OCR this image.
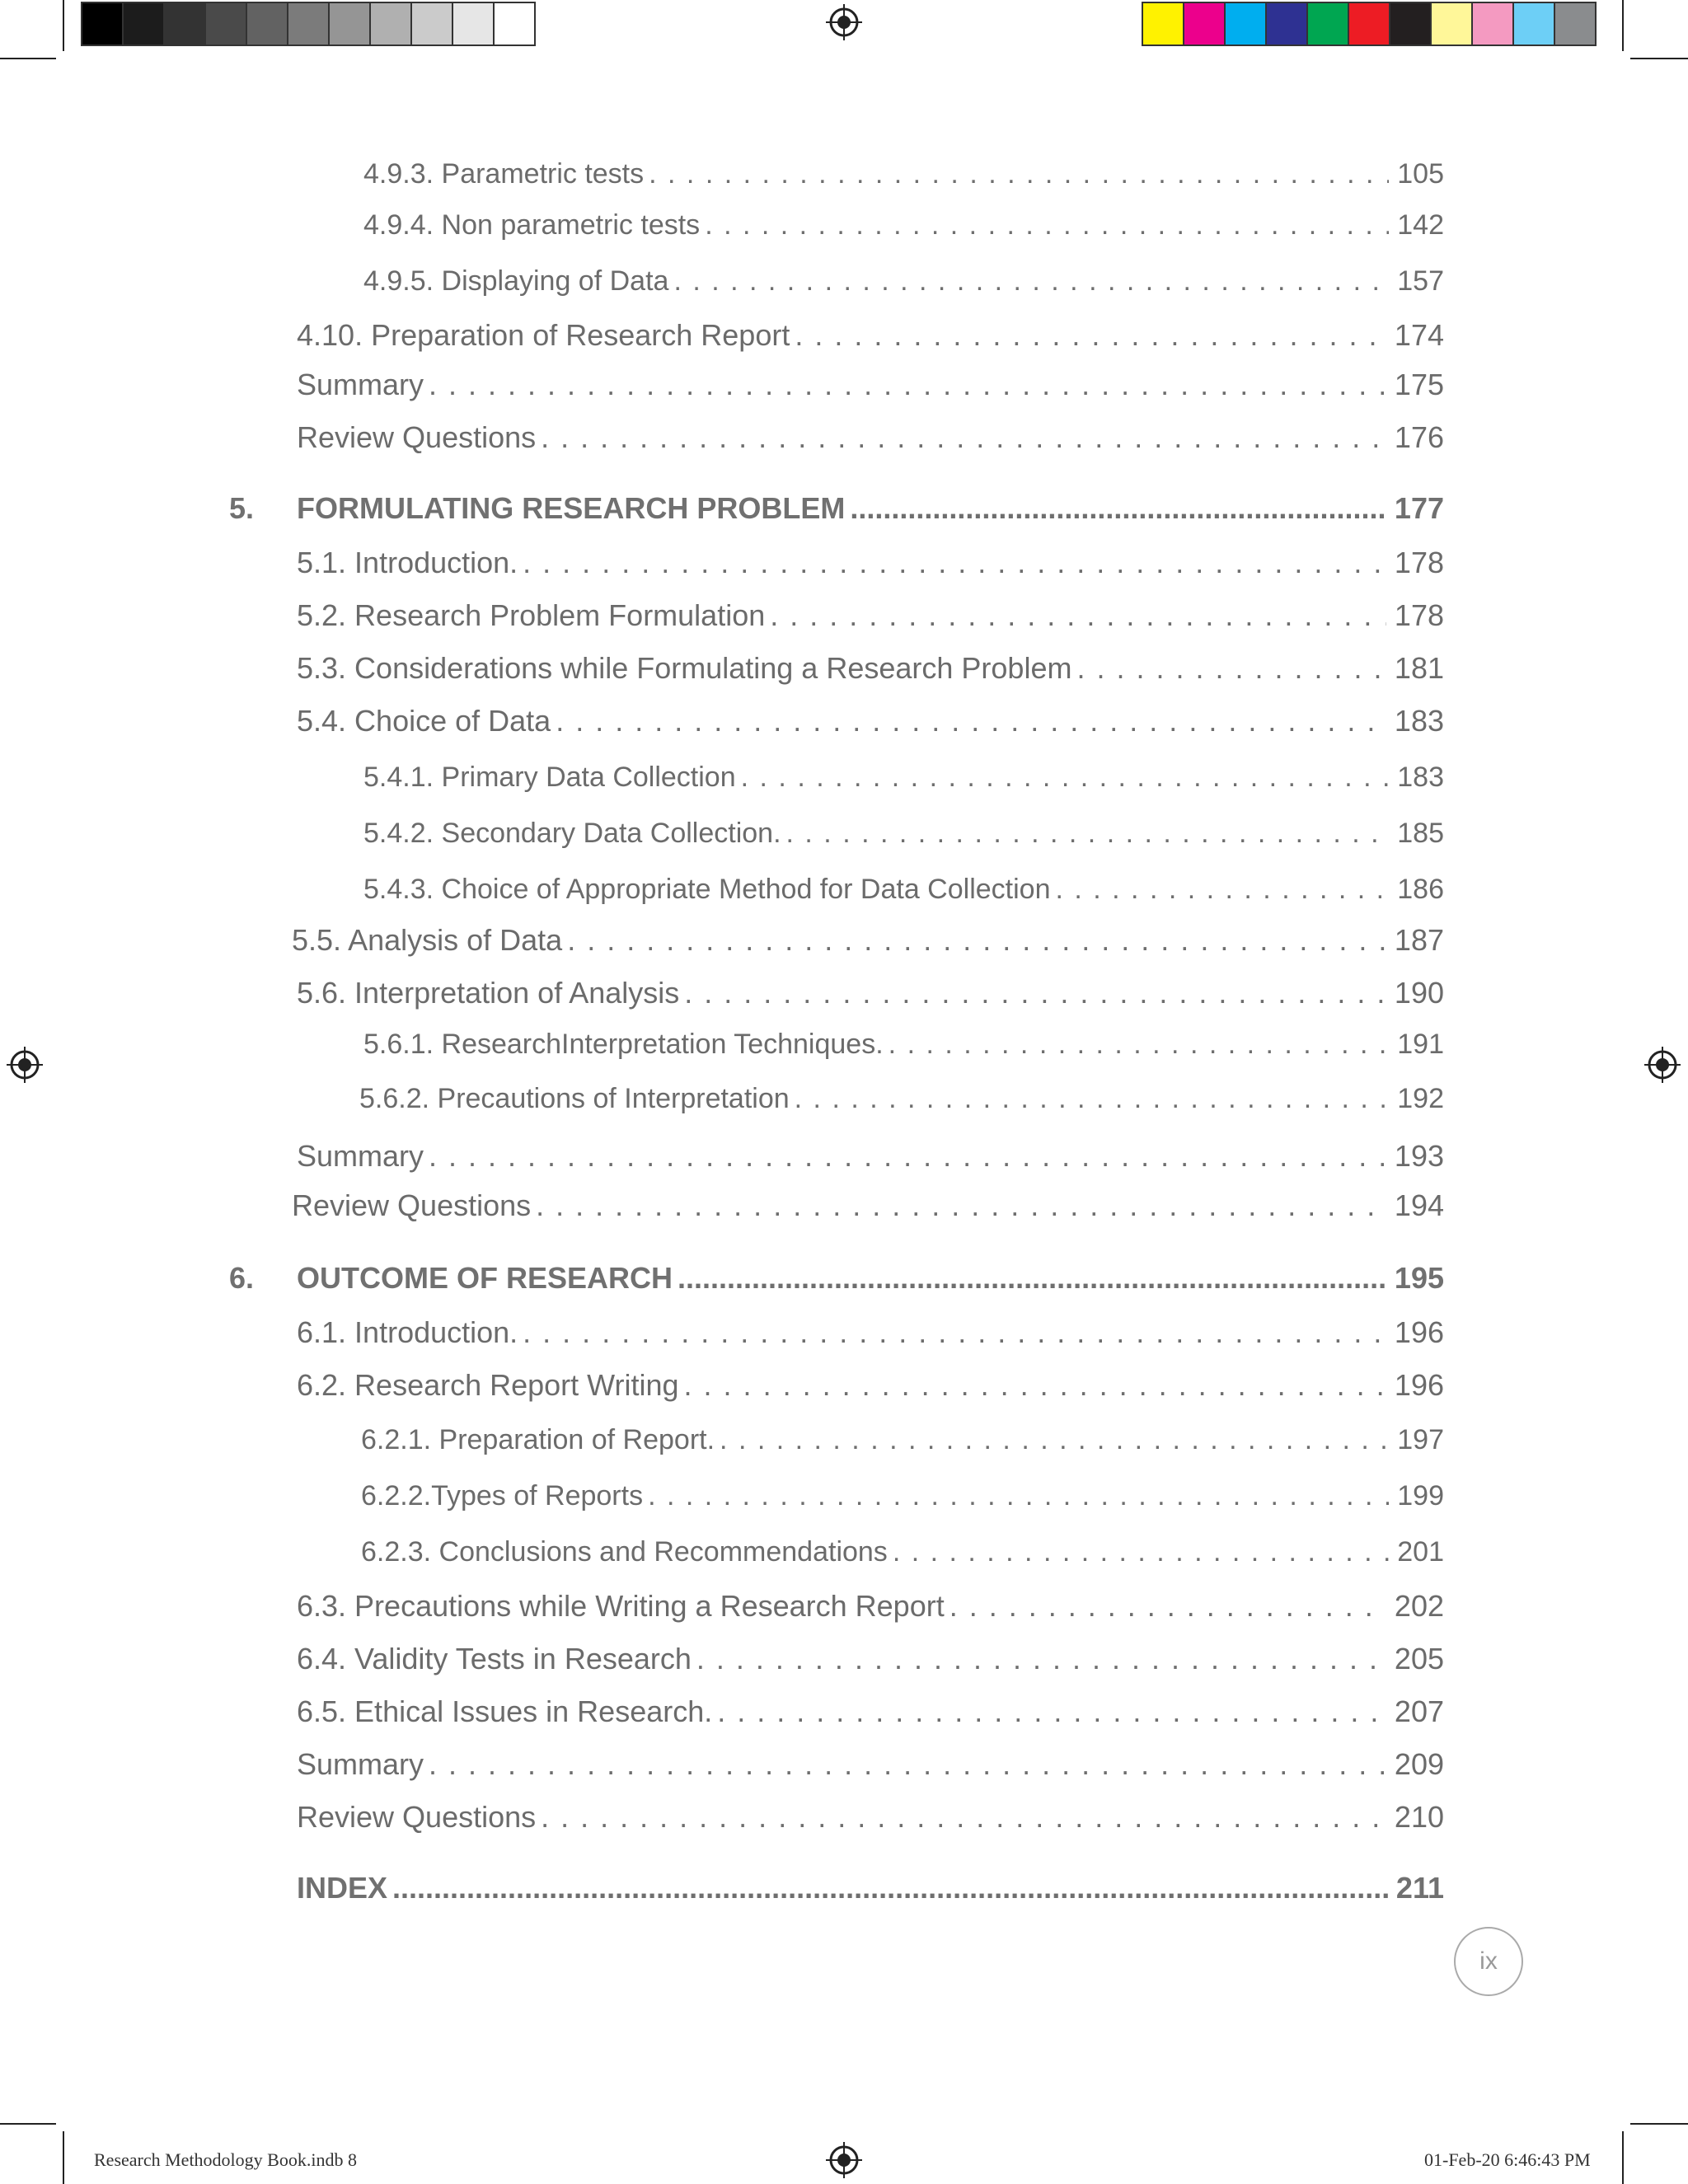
4.9.3. Parametric tests . . .	105
4.9.4. Non parametric tests . . .	142
4.9.5. Displaying of Data . . .	157
4.10. Preparation of Research Report . . .	174
Summary . . .	175
Review Questions . . .	176
5.	FORMULATING RESEARCH PROBLEM .....	177
5.1. Introduction. . . .	178
5.2. Research Problem Formulation . . .	178
5.3. Considerations while Formulating a Research Problem . . .	181
5.4. Choice of Data . . .	183
5.4.1. Primary Data Collection . . .	183
5.4.2. Secondary Data Collection. . . .	185
5.4.3. Choice of Appropriate Method for Data Collection . . .	186
5.5. Analysis of Data . . .	187
5.6. Interpretation of Analysis . . .	190
5.6.1. ResearchInterpretation Techniques. . . .	191
5.6.2. Precautions of Interpretation . . .	192
Summary . . .	193
Review Questions . . .	194
6.	OUTCOME OF RESEARCH .....	195
6.1. Introduction. . . .	196
6.2. Research Report Writing . . .	196
6.2.1. Preparation of Report. . . .	197
6.2.2.Types of Reports . . .	199
6.2.3. Conclusions and Recommendations . . .	201
6.3. Precautions while Writing a Research Report . . .	202
6.4. Validity Tests in Research . . .	205
6.5. Ethical Issues in Research. . . .	207
Summary . . .	209
Review Questions . . .	210
INDEX .....	211
ix
Research Methodology Book.indb 8	01-Feb-20 6:46:43 PM
